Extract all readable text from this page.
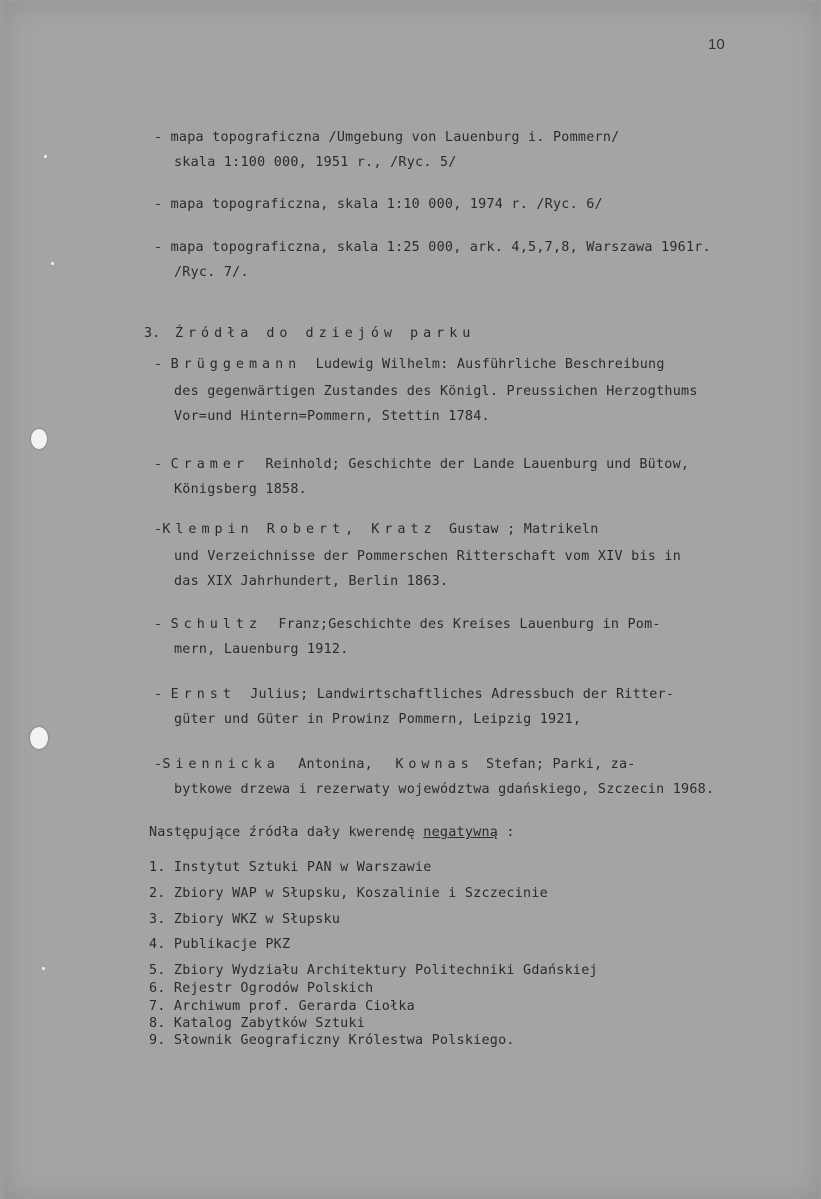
10
- mapa topograficzna /Umgebung von Lauenburg i. Pommern/
skala 1:100 000, 1951 r., /Ryc. 5/
- mapa topograficzna, skala 1:10 000, 1974 r. /Ryc. 6/
- mapa topograficzna, skala 1:25 000, ark. 4,5,7,8, Warszawa 1961r.
/Ryc. 7/.
3. Źródła do dziejów parku
- Brüggemann Ludewig Wilhelm: Ausführliche Beschreibung
des gegenwärtigen Zustandes des Königl. Preussichen Herzogthums
Vor=und Hintern=Pommern, Stettin 1784.
- Cramer Reinhold; Geschichte der Lande Lauenburg und Bütow,
Königsberg 1858.
-Klempin Robert, Kratz Gustaw ; Matrikeln
und Verzeichnisse der Pommerschen Ritterschaft vom XIV bis in
das XIX Jahrhundert, Berlin 1863.
- Schultz Franz;Geschichte des Kreises Lauenburg in Pom-
mern, Lauenburg 1912.
- Ernst Julius; Landwirtschaftliches Adressbuch der Ritter-
güter und Güter in Prowinz Pommern, Leipzig 1921,
-Siennicka Antonina, Kownas Stefan; Parki, za-
bytkowe drzewa i rezerwaty województwa gdańskiego, Szczecin 1968.
Następujące źródła dały kwerendę negatywną :
1. Instytut Sztuki PAN w Warszawie
2. Zbiory WAP w Słupsku, Koszalinie i Szczecinie
3. Zbiory WKZ w Słupsku
4. Publikacje PKZ
5. Zbiory Wydziału Architektury Politechniki Gdańskiej
6. Rejestr Ogrodów Polskich
7. Archiwum prof. Gerarda Ciołka
8. Katalog Zabytków Sztuki
9. Słownik Geograficzny Królestwa Polskiego.
